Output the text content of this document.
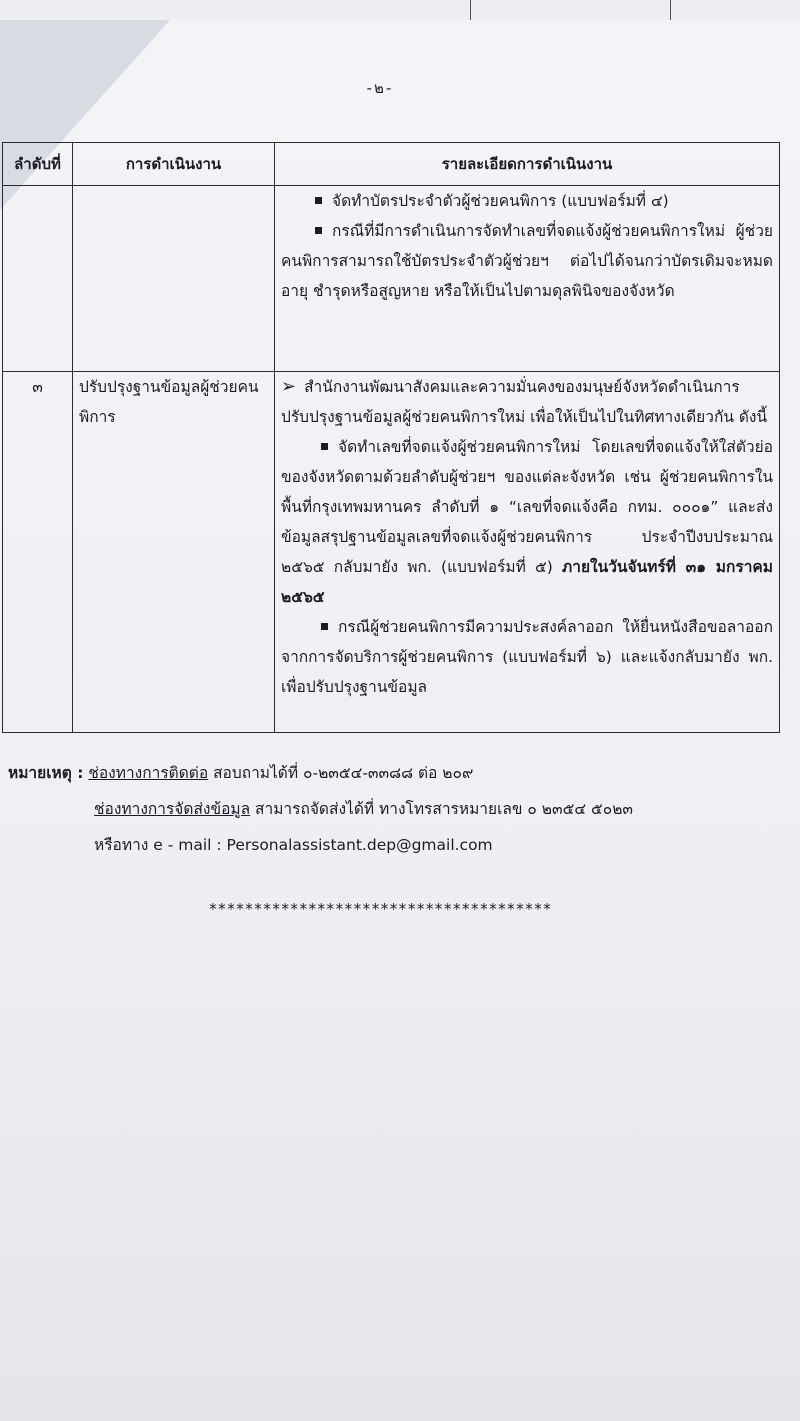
-๒-
ลำดับที่	การดำเนินงาน	รายละเอียดการดำเนินงาน

		จัดทำบัตรประจำตัวผู้ช่วยคนพิการ (แบบฟอร์มที่ ๔)
กรณีที่มีการดำเนินการจัดทำเลขที่จดแจ้งผู้ช่วยคนพิการใหม่ ผู้ช่วยคนพิการสามารถใช้บัตรประจำตัวผู้ช่วยฯ ต่อไปได้จนกว่าบัตรเดิมจะหมดอายุ ชำรุดหรือสูญหาย หรือให้เป็นไปตามดุลพินิจของจังหวัด

๓	ปรับปรุงฐานข้อมูลผู้ช่วยคนพิการ	➢ สำนักงานพัฒนาสังคมและความมั่นคงของมนุษย์จังหวัดดำเนินการปรับปรุงฐานข้อมูลผู้ช่วยคนพิการใหม่ เพื่อให้เป็นไปในทิศทางเดียวกัน ดังนี้
จัดทำเลขที่จดแจ้งผู้ช่วยคนพิการใหม่ โดยเลขที่จดแจ้งให้ใส่ตัวย่อของจังหวัดตามด้วยลำดับผู้ช่วยฯ ของแต่ละจังหวัด เช่น ผู้ช่วยคนพิการในพื้นที่กรุงเทพมหานคร ลำดับที่ ๑ “เลขที่จดแจ้งคือ กทม. ๐๐๐๑” และส่งข้อมูลสรุปฐานข้อมูลเลขที่จดแจ้งผู้ช่วยคนพิการ ประจำปีงบประมาณ ๒๕๖๕ กลับมายัง พก. (แบบฟอร์มที่ ๕) ภายในวันจันทร์ที่ ๓๑ มกราคม ๒๕๖๕
กรณีผู้ช่วยคนพิการมีความประสงค์ลาออก ให้ยื่นหนังสือขอลาออกจากการจัดบริการผู้ช่วยคนพิการ (แบบฟอร์มที่ ๖) และแจ้งกลับมายัง พก. เพื่อปรับปรุงฐานข้อมูล
หมายเหตุ : ช่องทางการติดต่อ สอบถามได้ที่ ๐-๒๓๕๔-๓๓๘๘ ต่อ ๒๐๙
ช่องทางการจัดส่งข้อมูล สามารถจัดส่งได้ที่ ทางโทรสารหมายเลข ๐ ๒๓๕๔ ๕๐๒๓
หรือทาง e - mail : Personalassistant.dep@gmail.com
**************************************
